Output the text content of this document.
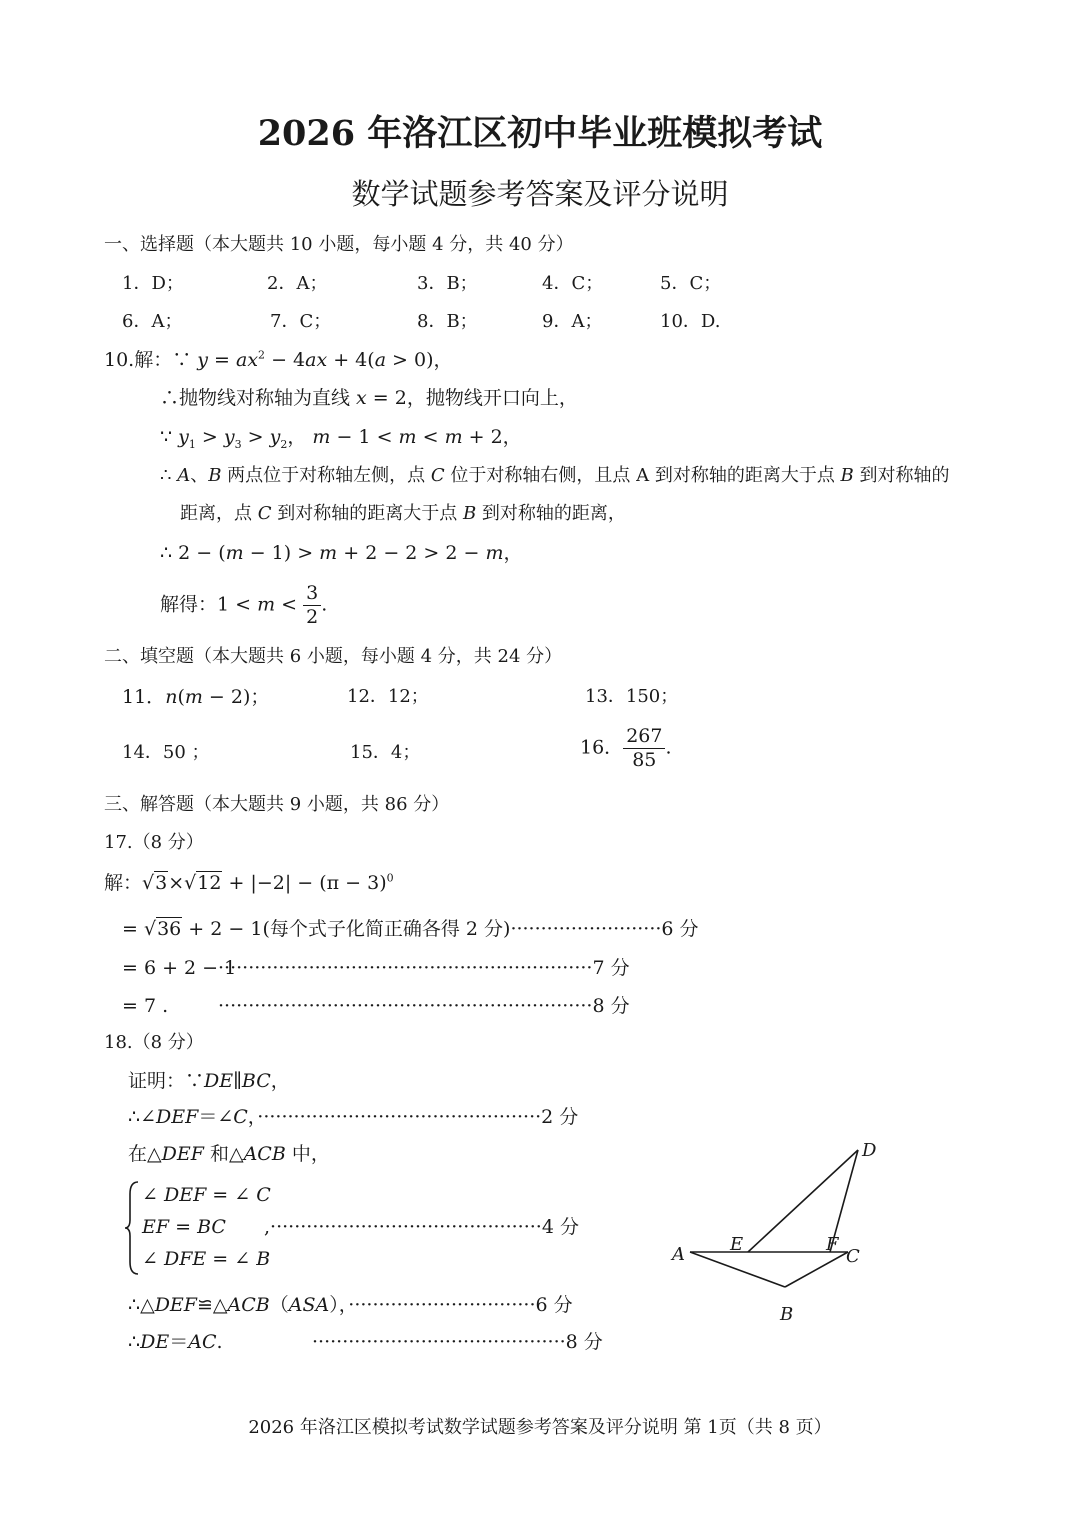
2026 年洛江区初中毕业班模拟考试
数学试题参考答案及评分说明
一、选择题（本大题共 10 小题，每小题 4 分，共 40 分）
1．D；	2．A；	3．B；	4．C；	5．C；
6．A；	7．C；	8．B；	9．A；	10．D.
10.解：∵ $y = ax^2 - 4ax + 4(a > 0)$，
∴抛物线对称轴为直线 x = 2，抛物线开口向上，
∵ $y_1 > y_3 > y_2$， m − 1 < m < m + 2，
∴ A、B 两点位于对称轴左侧，点 C 位于对称轴右侧，且点 A 到对称轴的距离大于点 B 到对称轴的
距离，点 C 到对称轴的距离大于点 B 到对称轴的距离，
∴ 2 − (m − 1) > m + 2 − 2 > 2 − m，
解得：$1 < m < \frac{3}{2}$ .
二、填空题（本大题共 6 小题，每小题 4 分，共 24 分）
11．n(m − 2)；	12．12；	13．150；
14．50 ；	15．4；	16． $\frac{267}{85}$ .
三、解答题（本大题共 9 小题，共 86 分）
17.（8 分）
解：$√3\times√12 + |-2| - (\pi - 3)^0$
= √36 + 2 − 1(每个式子化简正确各得 2 分)·························6 分
= 6 + 2 − 1
······························································7 分
= 7 .	······························································8 分
18.（8 分）
证明：∵DE∥BC，
∴∠DEF＝∠C，···············································2 分
在△DEF 和△ACB 中，
∠ DEF = ∠ C
EF = BC ,·············································4 分
∠ DFE = ∠ B
∴△DEF≌△ACB（ASA），·······························6 分
∴DE＝AC.	··········································8 分
A
B
C
D
E	F
2026 年洛江区模拟考试数学试题参考答案及评分说明 第 1页（共 8 页）
